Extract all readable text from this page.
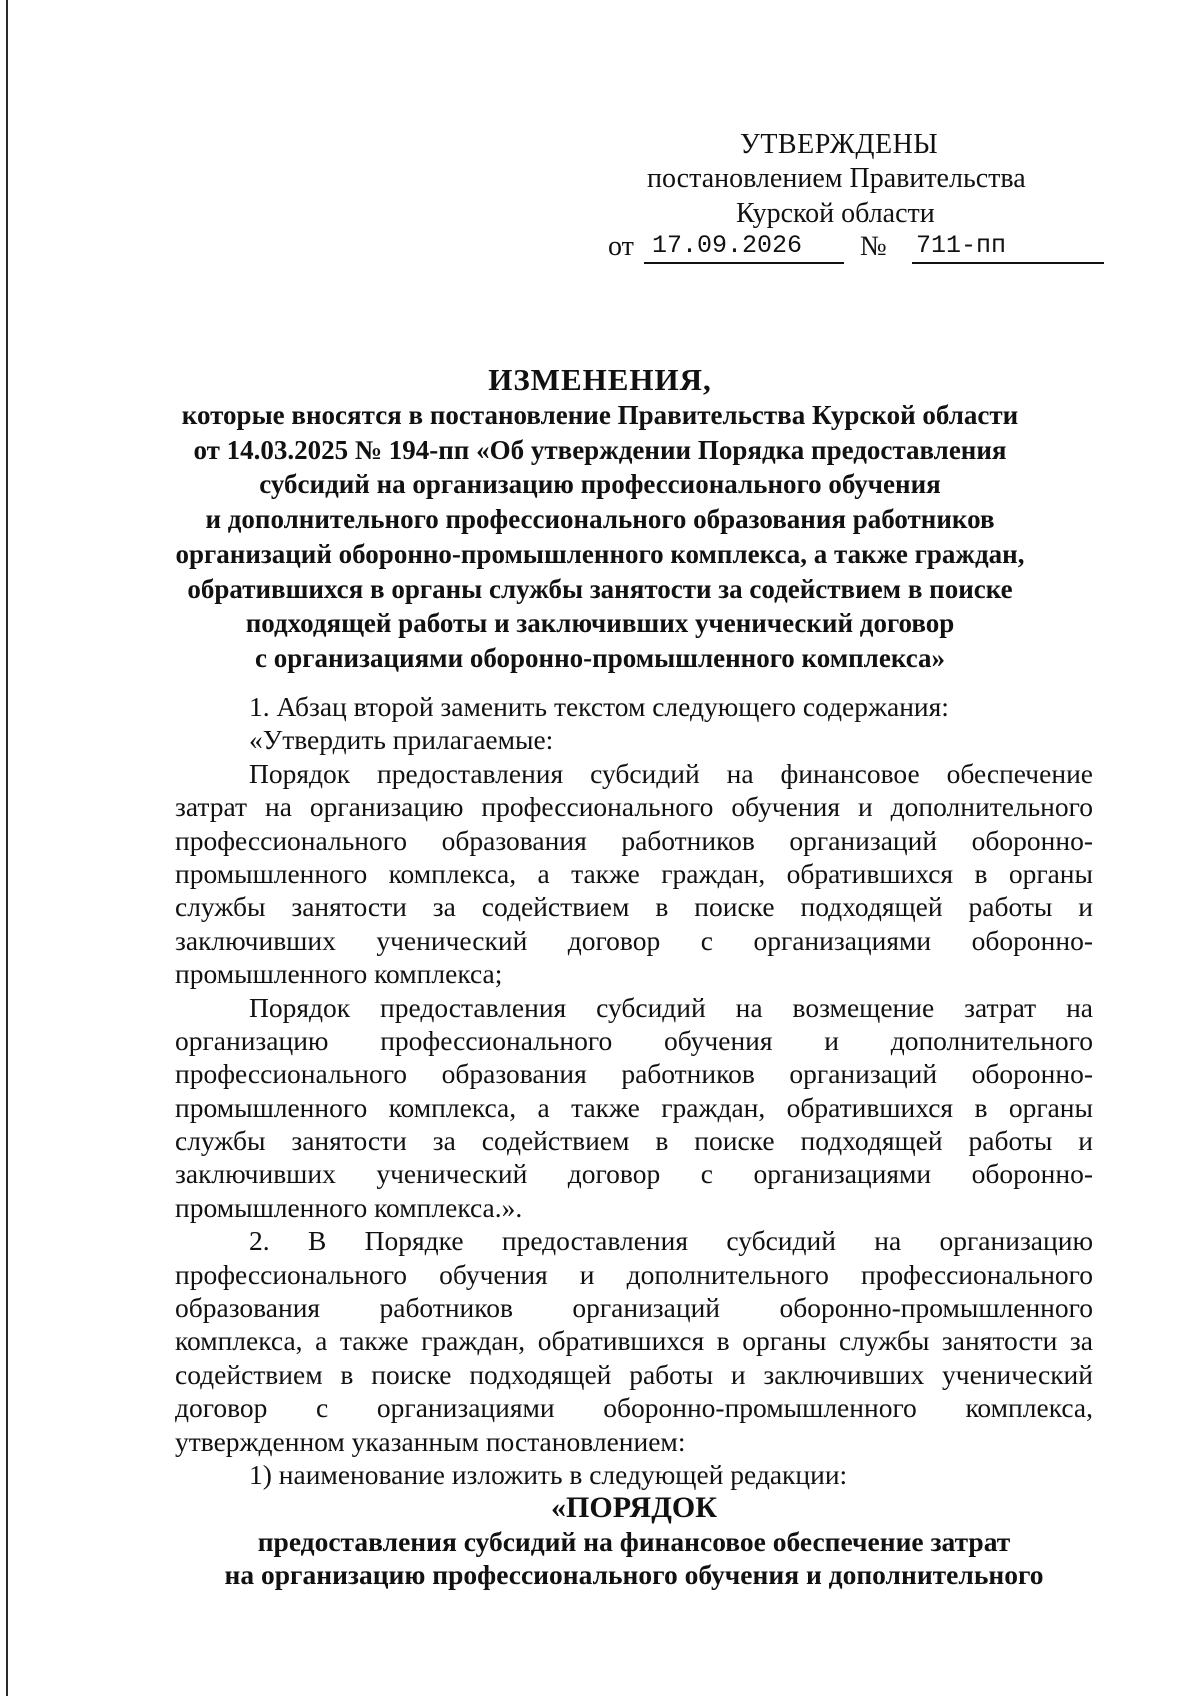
УТВЕРЖДЕНЫ
постановлением Правительства
Курской области
от 17.09.2026	№ 711-пп
ИЗМЕНЕНИЯ,
которые вносятся в постановление Правительства Курской области
от 14.03.2025 № 194-пп «Об утверждении Порядка предоставления
субсидий на организацию профессионального обучения
и дополнительного профессионального образования работников
организаций оборонно-промышленного комплекса, а также граждан,
обратившихся в органы службы занятости за содействием в поиске
подходящей работы и заключивших ученический договор
с организациями оборонно-промышленного комплекса»
1. Абзац второй заменить текстом следующего содержания:
«Утвердить прилагаемые:
Порядок предоставления субсидий на финансовое обеспечение
затрат на организацию профессионального обучения и дополнительного
профессионального образования работников организаций оборонно-
промышленного комплекса, а также граждан, обратившихся в органы
службы занятости за содействием в поиске подходящей работы и
заключивших ученический договор с организациями оборонно-
промышленного комплекса;
Порядок предоставления субсидий на возмещение затрат на
организацию профессионального обучения и дополнительного
профессионального образования работников организаций оборонно-
промышленного комплекса, а также граждан, обратившихся в органы
службы занятости за содействием в поиске подходящей работы и
заключивших ученический договор с организациями оборонно-
промышленного комплекса.».
2. В Порядке предоставления субсидий на организацию
профессионального обучения и дополнительного профессионального
образования работников организаций оборонно-промышленного
комплекса, а также граждан, обратившихся в органы службы занятости за
содействием в поиске подходящей работы и заключивших ученический
договор с организациями оборонно-промышленного комплекса,
утвержденном указанным постановлением:
1) наименование изложить в следующей редакции:
«ПОРЯДОК
предоставления субсидий на финансовое обеспечение затрат
на организацию профессионального обучения и дополнительного
